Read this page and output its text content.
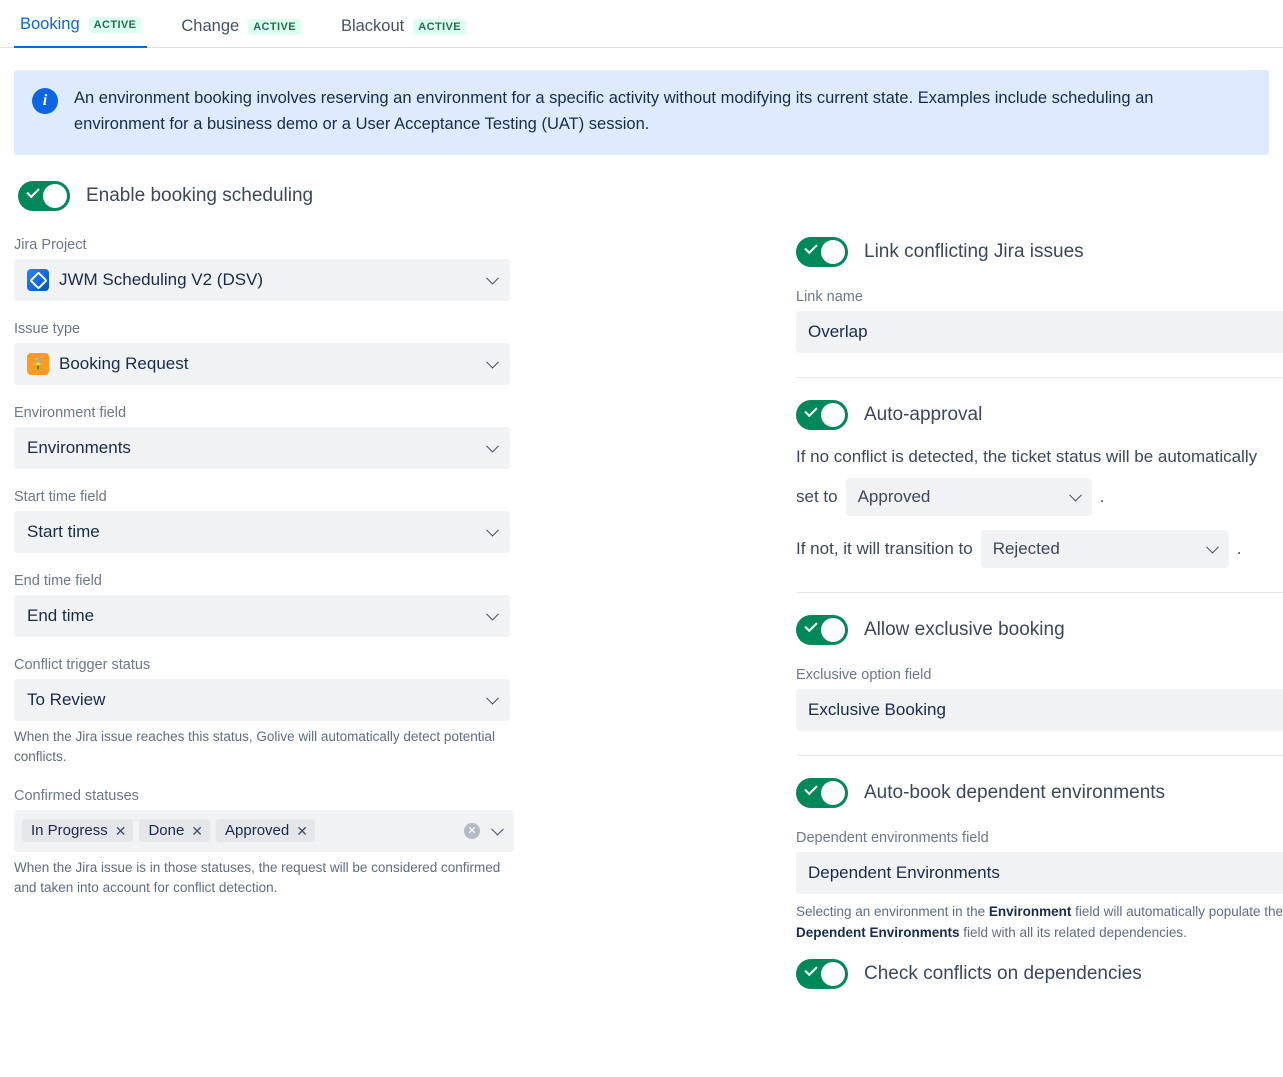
Booking	ACTIVE	Change	ACTIVE	Blackout	ACTIVE
i	An environment booking involves reserving an environment for a specific activity without modifying its current state. Examples include scheduling an environment for a business demo or a User Acceptance Testing (UAT) session.
Enable booking scheduling
Jira Project
JWM Scheduling V2 (DSV)
Issue type
🔒 Booking Request
Environment field
Environments
Start time field
Start time
End time field
End time
Conflict trigger status
To Review
When the Jira issue reaches this status, Golive will automatically detect potential conflicts.
Confirmed statuses
In Progress ✕ Done ✕ Approved ✕	✕
When the Jira issue is in those statuses, the request will be considered confirmed and taken into account for conflict detection.
Link conflicting Jira issues
Link name
Overlap
Auto-approval
If no conflict is detected, the ticket status will be automatically
set to Approved	.
If not, it will transition to Rejected	.
Allow exclusive booking
Exclusive option field
Exclusive Booking
Auto-book dependent environments
Dependent environments field
Dependent Environments
Selecting an environment in the Environment field will automatically populate the Dependent Environments field with all its related dependencies.
Check conflicts on dependencies
